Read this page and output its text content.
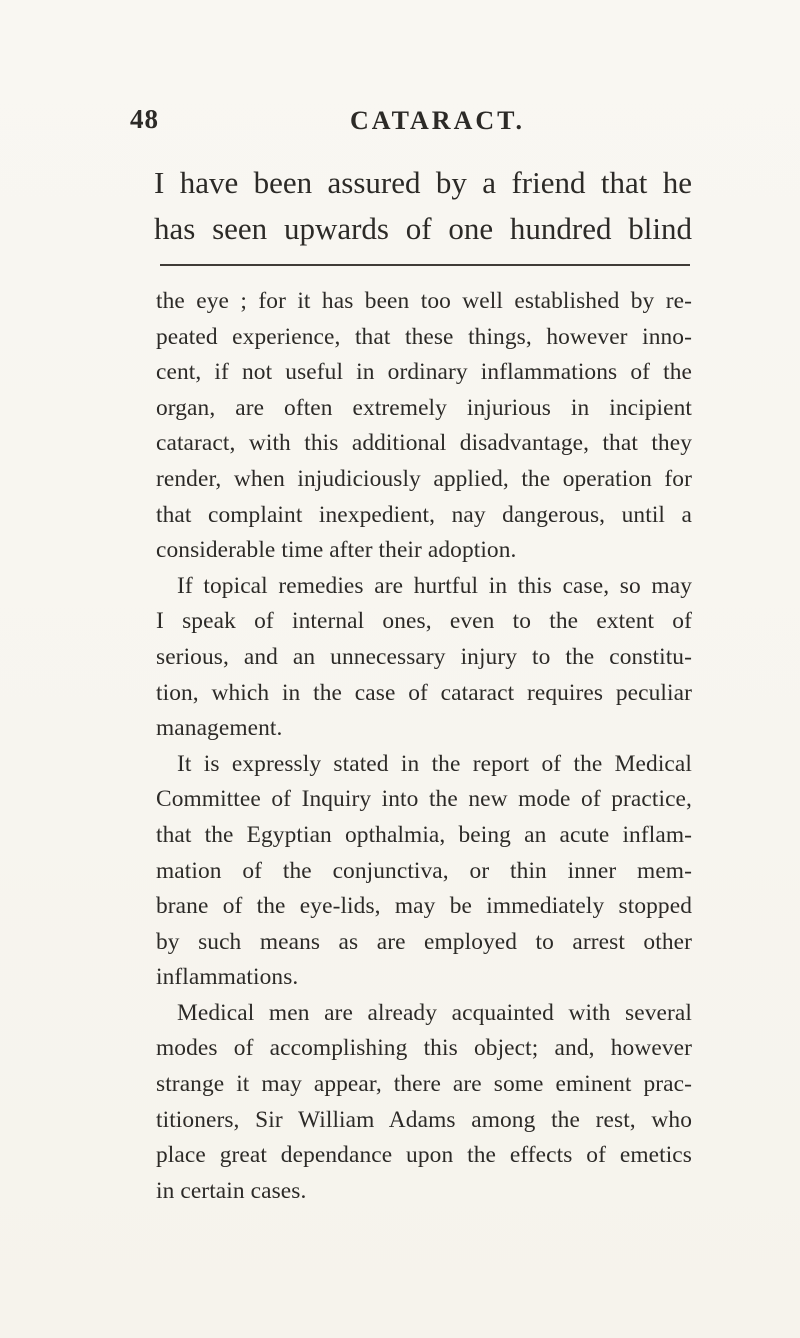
48	CATARACT.
I have been assured by a friend that he
has seen upwards of one hundred blind
the eye ; for it has been too well established by re-
peated experience, that these things, however inno-
cent, if not useful in ordinary inflammations of the
organ, are often extremely injurious in incipient
cataract, with this additional disadvantage, that they
render, when injudiciously applied, the operation for
that complaint inexpedient, nay dangerous, until a
considerable time after their adoption.
If topical remedies are hurtful in this case, so may
I speak of internal ones, even to the extent of
serious, and an unnecessary injury to the constitu-
tion, which in the case of cataract requires peculiar
management.
It is expressly stated in the report of the Medical
Committee of Inquiry into the new mode of practice,
that the Egyptian opthalmia, being an acute inflam-
mation of the conjunctiva, or thin inner mem-
brane of the eye-lids, may be immediately stopped
by such means as are employed to arrest other
inflammations.
Medical men are already acquainted with several
modes of accomplishing this object; and, however
strange it may appear, there are some eminent prac-
titioners, Sir William Adams among the rest, who
place great dependance upon the effects of emetics
in certain cases.
